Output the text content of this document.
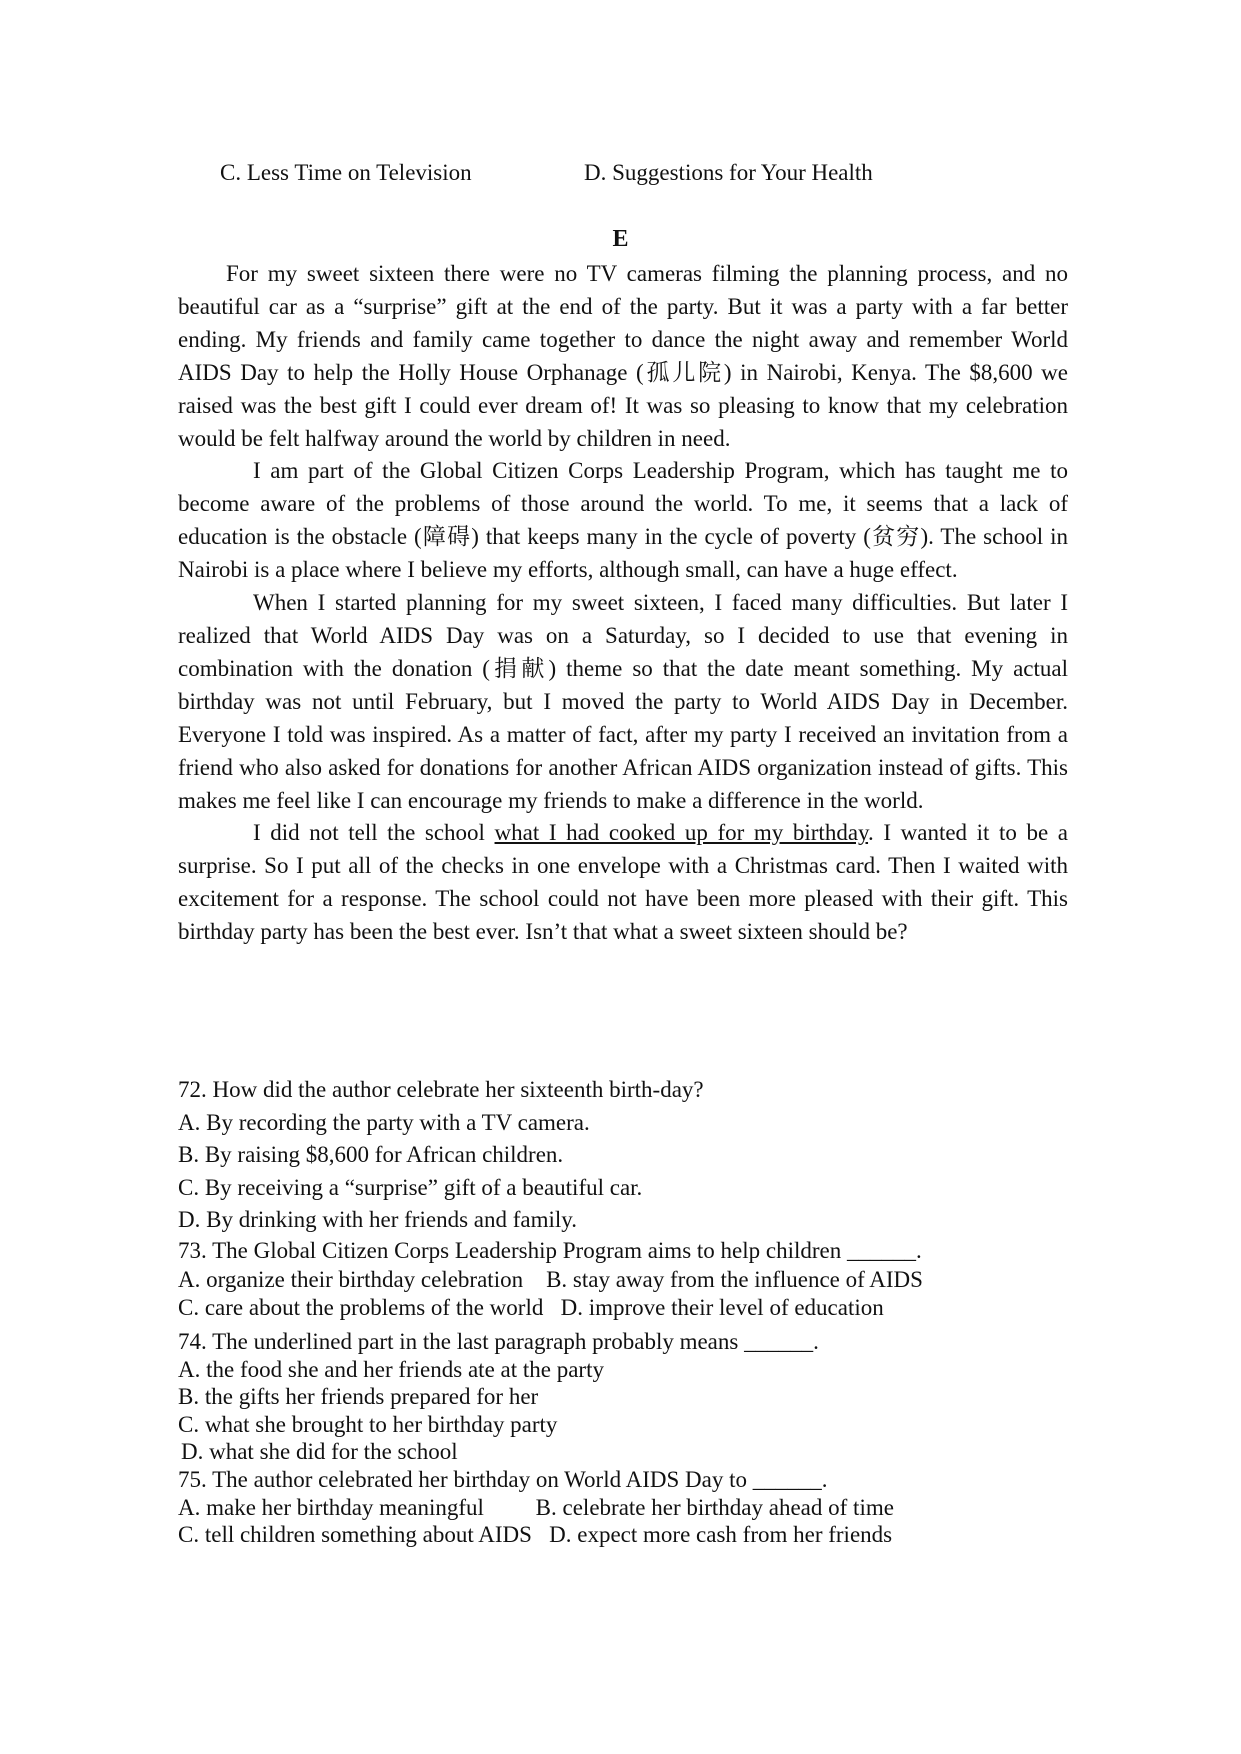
C. Less Time on Television	D. Suggestions for Your Health
E

For my sweet sixteen there were no TV cameras filming the planning process, and no beautiful car as a “surprise” gift at the end of the party. But it was a party with a far better ending. My friends and family came together to dance the night away and remember World AIDS Day to help the Holly House Orphanage (孤儿院) in Nairobi, Kenya. The $8,600 we raised was the best gift I could ever dream of! It was so pleasing to know that my celebration would be felt halfway around the world by children in need.

I am part of the Global Citizen Corps Leadership Program, which has taught me to become aware of the problems of those around the world. To me, it seems that a lack of education is the obstacle (障碍) that keeps many in the cycle of poverty (贫穷). The school in Nairobi is a place where I believe my efforts, although small, can have a huge effect.

When I started planning for my sweet sixteen, I faced many difficulties. But later I realized that World AIDS Day was on a Saturday, so I decided to use that evening in combination with the donation (捐献) theme so that the date meant something. My actual birthday was not until February, but I moved the party to World AIDS Day in December. Everyone I told was inspired. As a matter of fact, after my party I received an invitation from a friend who also asked for donations for another African AIDS organization instead of gifts. This makes me feel like I can encourage my friends to make a difference in the world.

I did not tell the school what I had cooked up for my birthday. I wanted it to be a surprise. So I put all of the checks in one envelope with a Christmas card. Then I waited with excitement for a response. The school could not have been more pleased with their gift. This birthday party has been the best ever. Isn’t that what a sweet sixteen should be?

72. How did the author celebrate her sixteenth birth-day?

A. By recording the party with a TV camera.

B. By raising $8,600 for African children.

C. By receiving a “surprise” gift of a beautiful car.

D. By drinking with her friends and family.

73. The Global Citizen Corps Leadership Program aims to help children ______.

A. organize their birthday celebration    B. stay away from the influence of AIDS

C. care about the problems of the world   D. improve their level of education

74. The underlined part in the last paragraph probably means ______.

A. the food she and her friends ate at the party

B. the gifts her friends prepared for her

C. what she brought to her birthday party

D. what she did for the school

75. The author celebrated her birthday on World AIDS Day to ______.

A. make her birthday meaningful         B. celebrate her birthday ahead of time

C. tell children something about AIDS   D. expect more cash from her friends
